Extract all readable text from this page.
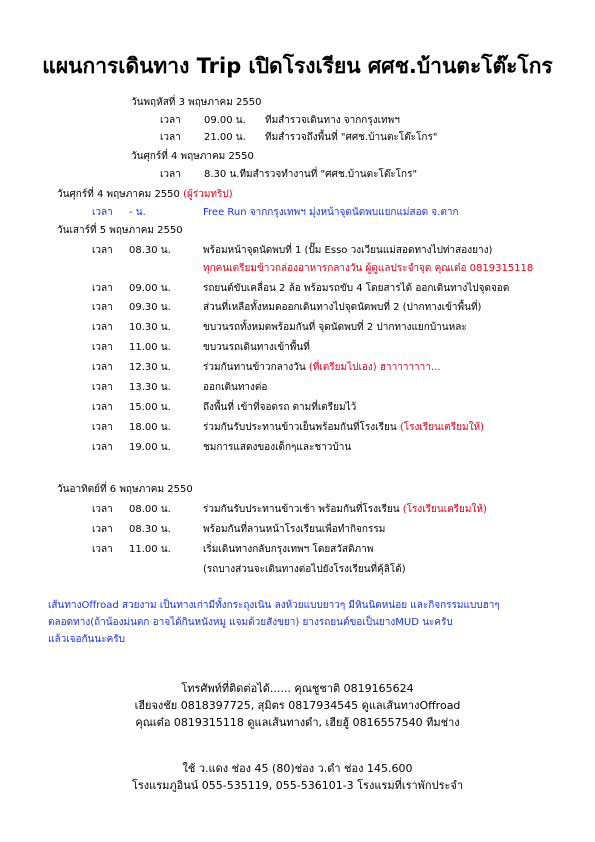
แผนการเดินทาง Trip เปิดโรงเรียน ศศช.บ้านตะโต๊ะโกร
วันพฤหัสที่ 3 พฤษภาคม 2550
เวลา 09.00 น. ทีมสำรวจเดินทาง จากกรุงเทพฯ
เวลา 21.00 น. ทีมสำรวจถึงพื้นที่ "ศศช.บ้านตะโต๊ะโกร"
วันศุกร์ที่ 4 พฤษภาคม 2550
เวลา 8.30 น.ทีมสำรวจทำงานที่ "ศศช.บ้านตะโต๊ะโกร"
วันศุกร์ที่ 4 พฤษภาคม 2550 (ผู้ร่วมทริป)
เวลา - น.	Free Run จากกรุงเทพฯ มุ่งหน้าจุดนัดพบแยกแม่สอด จ.ตาก
วันเสาร์ที่ 5 พฤษภาคม 2550
เวลา 08.30 น.	พร้อมหน้าจุดนัดพบที่ 1 (ปั๊ม Esso วงเวียนแม่สอดทางไปท่าสองยาง)
ทุกคนเตรียมข้าวกล่องอาหารกลางวัน ผู้ดูแลประจำจุด คุณเต๋อ 0819315118
เวลา 09.00 น.	รถยนต์ขับเคลื่อน 2 ล้อ พร้อมรถขับ 4 โดยสารได้ ออกเดินทางไปจุดจอด
เวลา 09.30 น.	ส่วนที่เหลือทั้งหมดออกเดินทางไปจุดนัดพบที่ 2 (ปากทางเข้าพื้นที่)
เวลา 10.30 น.	ขบวนรถทั้งหมดพร้อมกันที่ จุดนัดพบที่ 2 ปากทางแยกบ้านหละ
เวลา 11.00 น.	ขบวนรถเดินทางเข้าพื้นที่
เวลา 12.30 น.	ร่วมกันทานข้าวกลางวัน (ที่เตรียมไปเอง) ฮาาาาาาาา...
เวลา 13.30 น.	ออกเดินทางต่อ
เวลา 15.00 น.	ถึงพื้นที่ เข้าที่จอดรถ ตามที่เตรียมไว้
เวลา 18.00 น.	ร่วมกันรับประทานข้าวเย็นพร้อมกันที่โรงเรียน (โรงเรียนเตรียมให้)
เวลา 19.00 น.	ชมการแสดงของเด็กๆและชาวบ้าน
วันอาทิตย์ที่ 6 พฤษภาคม 2550
เวลา 08.00 น.	ร่วมกันรับประทานข้าวเช้า พร้อมกันที่โรงเรียน (โรงเรียนเตรียมให้)
เวลา 08.30 น.	พร้อมกันที่ลานหน้าโรงเรียนเพื่อทำกิจกรรม
เวลา 11.00 น.	เริ่มเดินทางกลับกรุงเทพฯ โดยสวัสดิภาพ
(รถบางส่วนจะเดินทางต่อไปยังโรงเรียนที่คุ้ลิโด้)
เส้นทางOffroad สวยงาม เป็นทางเก่ามีทั้งกระถุงเนิน ลงห้วยแบบยาวๆ มีหินนิดหน่อย และกิจกรรมแบบฮาๆ
ตลอดทาง(ถ้าน้องม่นตก อาจได้กินหนังหมู แจมด้วยสังขยา) ยางรถยนต์ขอเป็นยางMUD นะครับ
แล้วเจอกันนะครับ
โทรศัพท์ที่ติดต่อได้...... คุณชูชาติ 0819165624
เฮียจงชัย 0818397725, สุมิตร 0817934545 ดูแลเส้นทางOffroad
คุณเต๋อ 0819315118 ดูแลเส้นทางดำ, เฮียฮู้ 0816557540 ทีมช่าง
ใช้ ว.แดง ช่อง 45 (80)ช่อง ว.ดำ ช่อง 145.600
โรงแรมภูอินน์ 055-535119, 055-536101-3 โรงแรมที่เราพักประจำ
